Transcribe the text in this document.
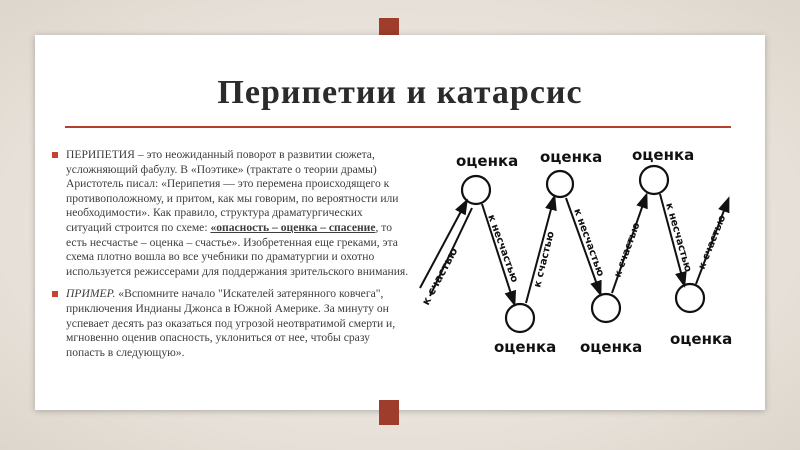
Перипетии и катарсис

ПЕРИПЕТИЯ – это неожиданный поворот в развитии сюжета, усложняющий фабулу. В «Поэтике» (трактате о теории драмы) Аристотель писал: «Перипетия — это перемена происходящего к противоположному, и притом, как мы говорим, по вероятности или необходимости». Как правило, структура драматургических ситуаций строится по схеме: «опасность – оценка – спасение, то есть несчастье – оценка – счастье». Изобретенная еще греками, эта схема плотно вошла во все учебники по драматургии и охотно используется режиссерами для поддержания зрительского внимания.

ПРИМЕР. «Вспомните начало "Искателей затерянного ковчега", приключения Индианы Джонса в Южной Америке. За минуту он успевает десять раз оказаться под угрозой неотвратимой смерти и, мгновенно оценив опасность, уклониться от нее, чтобы сразу попасть в следующую».

оценка оценка оценка
к счастью к несчастью к счастью к несчастью к счастью к несчастью к счастью
оценка оценка оценка
